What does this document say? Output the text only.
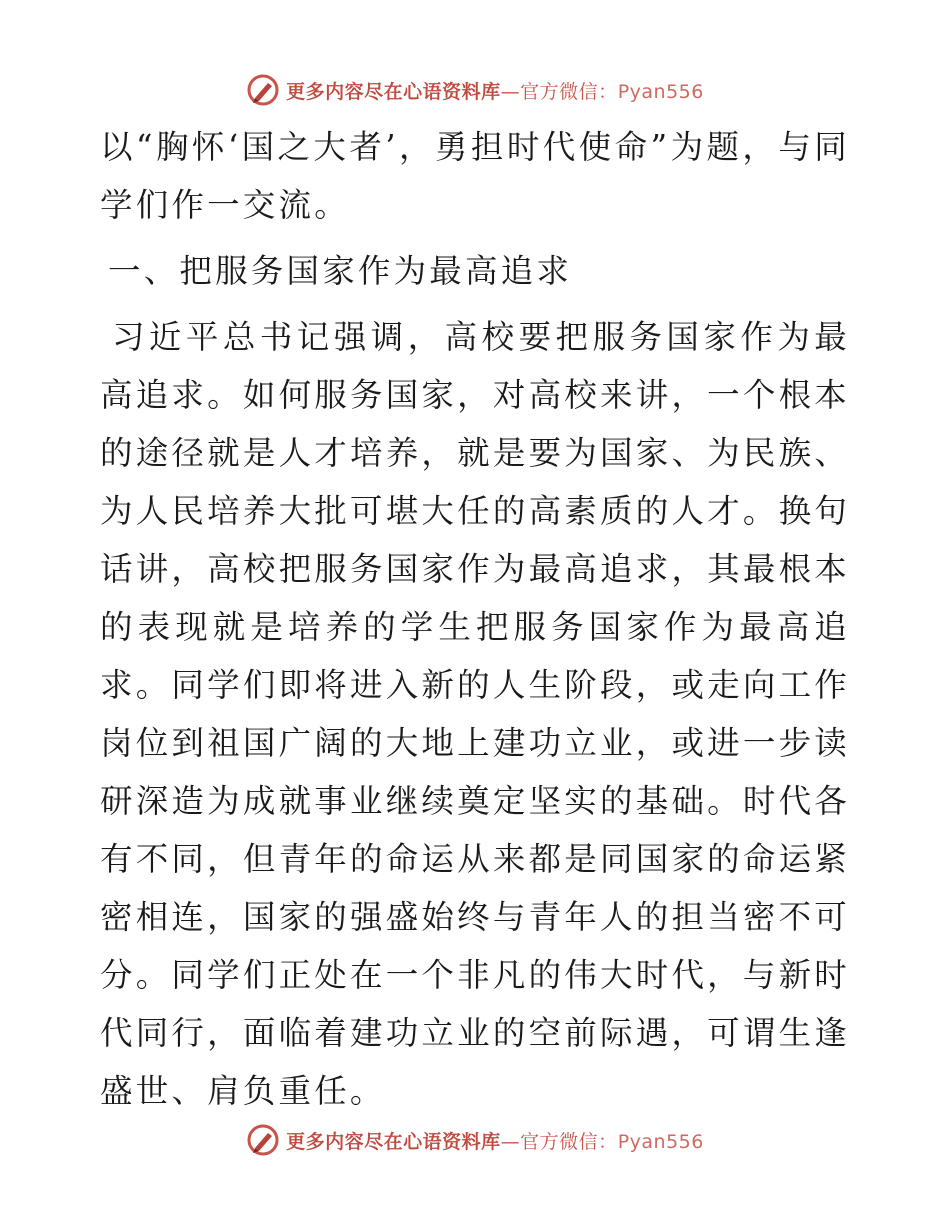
更多内容尽在心语资料库—官方微信：Pyan556

以“胸怀‘国之大者’，勇担时代使命”为题，与同学们作一交流。

一、把服务国家作为最高追求

习近平总书记强调，高校要把服务国家作为最高追求。如何服务国家，对高校来讲，一个根本的途径就是人才培养，就是要为国家、为民族、为人民培养大批可堪大任的高素质的人才。换句话讲，高校把服务国家作为最高追求，其最根本的表现就是培养的学生把服务国家作为最高追求。同学们即将进入新的人生阶段，或走向工作岗位到祖国广阔的大地上建功立业，或进一步读研深造为成就事业继续奠定坚实的基础。时代各有不同，但青年的命运从来都是同国家的命运紧密相连，国家的强盛始终与青年人的担当密不可分。同学们正处在一个非凡的伟大时代，与新时代同行，面临着建功立业的空前际遇，可谓生逢盛世、肩负重任。

更多内容尽在心语资料库—官方微信：Pyan556
